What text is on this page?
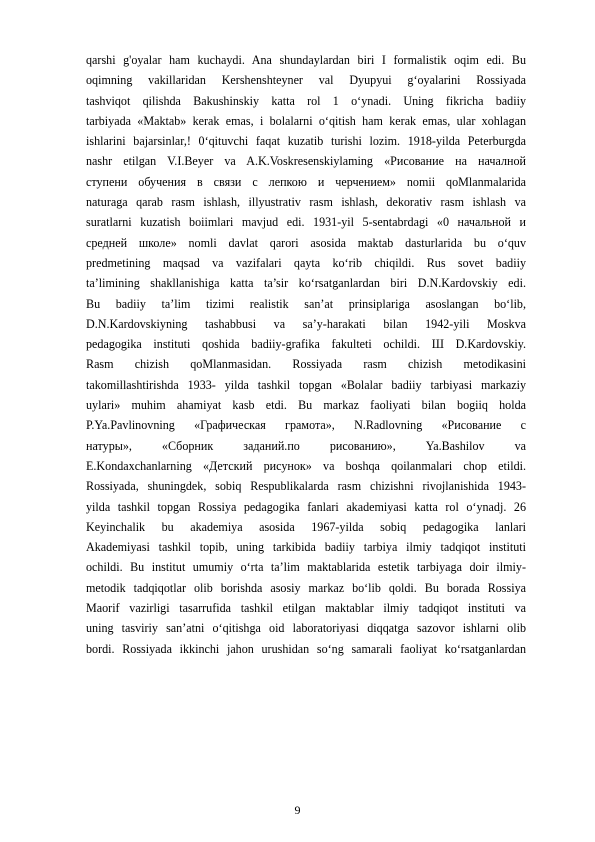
qarshi g'oyalar ham kuchaydi. Ana shundaylardan biri I formalistik oqim edi. Bu
oqimning vakillaridan Kershenshteyner val Dyupyui g‘oyalarini Rossiyada
tashviqot qilishda Bakushinskiy katta rol 1 o‘ynadi. Uning fikricha badiiy
tarbiyada «Maktab» kerak emas, i bolalarni o‘qitish ham kerak emas, ular xohlagan
ishlarini bajarsinlar,! 0‘qituvchi faqat kuzatib turishi lozim. 1918-yilda Peterburgda
nashr etilgan V.I.Beyer va A.K.Voskresenskiylaming «Рисование на началной
ступени обучения в связи с лепкою и черчением» nomii qoMlanmalarida
naturaga qarab rasm ishlash, illyustrativ rasm ishlash, dekorativ rasm ishlash va
suratlarni kuzatish boiimlari mavjud edi. 1931-yil 5-sentabrdagi «0 начальной и
средней школе» nomli davlat qarori asosida maktab dasturlarida bu o‘quv
predmetining maqsad va vazifalari qayta ko‘rib chiqildi. Rus sovet badiiy
ta’limining shakllanishiga katta ta’sir ko‘rsatganlardan biri D.N.Kardovskiy edi.
Bu badiiy ta’lim tizimi realistik san’at prinsiplariga asoslangan bo‘lib,
D.N.Kardovskiyning tashabbusi va sa’y-harakati bilan 1942-yili Moskva
pedagogika instituti qoshida badiiy-grafika fakulteti ochildi. Ш D.Kardovskiy.
Rasm chizish qoMlanmasidan. Rossiyada rasm chizish metodikasini
takomillashtirishda 1933- yilda tashkil topgan «Bolalar badiiy tarbiyasi markaziy
uylari» muhim ahamiyat kasb etdi. Bu markaz faoliyati bilan bogiiq holda
P.Ya.Pavlinovning «Графическая грамота», N.Radlovning «Рисование с
натуры», «Сборник заданий.по рисованию», Ya.Bashilov va
E.Kondaxchanlarning «Детский рисунок» va boshqa qoilanmalari chop etildi.
Rossiyada, shuningdek, sobiq Respublikalarda rasm chizishni rivojlanishida 1943-
yilda tashkil topgan Rossiya pedagogika fanlari akademiyasi katta rol o‘ynadj. 26
Keyinchalik bu akademiya asosida 1967-yilda sobiq pedagogika lanlari
Akademiyasi tashkil topib, uning tarkibida badiiy tarbiya ilmiy tadqiqot instituti
ochildi. Bu institut umumiy o‘rta ta’lim maktablarida estetik tarbiyaga doir ilmiy-
metodik tadqiqotlar olib borishda asosiy markaz bo‘lib qoldi. Bu borada Rossiya
Maorif vazirligi tasarrufida tashkil etilgan maktablar ilmiy tadqiqot instituti va
uning tasviriy san’atni o‘qitishga oid laboratoriyasi diqqatga sazovor ishlarni olib
bordi. Rossiyada ikkinchi jahon urushidan so‘ng samarali faoliyat ko‘rsatganlardan
9
